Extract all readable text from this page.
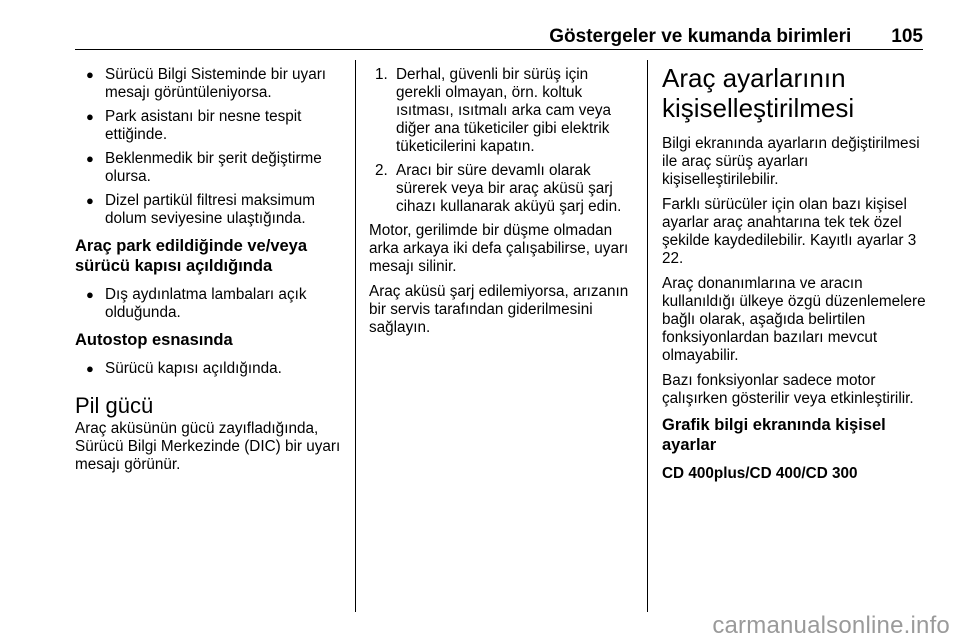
Göstergeler ve kumanda birimleri 105
● Sürücü Bilgi Sisteminde bir uyarı mesajı görüntüleniyorsa.
● Park asistanı bir nesne tespit ettiğinde.
● Beklenmedik bir şerit değiştirme olursa.
● Dizel partikül filtresi maksimum dolum seviyesine ulaştığında.
Araç park edildiğinde ve/veya sürücü kapısı açıldığında
● Dış aydınlatma lambaları açık olduğunda.
Autostop esnasında
● Sürücü kapısı açıldığında.
Pil gücü

Araç aküsünün gücü zayıfladığında, Sürücü Bilgi Merkezinde (DIC) bir uyarı mesajı görünür.

1. Derhal, güvenli bir sürüş için gerekli olmayan, örn. koltuk ısıtması, ısıtmalı arka cam veya diğer ana tüketiciler gibi elektrik tüketicilerini kapatın.
2. Aracı bir süre devamlı olarak sürerek veya bir araç aküsü şarj cihazı kullanarak aküyü şarj edin.

Motor, gerilimde bir düşme olmadan arka arkaya iki defa çalışabilirse, uyarı mesajı silinir.

Araç aküsü şarj edilemiyorsa, arızanın bir servis tarafından giderilmesini sağlayın.

Araç ayarlarının kişiselleştirilmesi

Bilgi ekranında ayarların değiştirilmesi ile araç sürüş ayarları kişiselleştirilebilir.

Farklı sürücüler için olan bazı kişisel ayarlar araç anahtarına tek tek özel şekilde kaydedilebilir. Kayıtlı ayarlar 3 22.

Araç donanımlarına ve aracın kullanıldığı ülkeye özgü düzenlemelere bağlı olarak, aşağıda belirtilen fonksiyonlardan bazıları mevcut olmayabilir.

Bazı fonksiyonlar sadece motor çalışırken gösterilir veya etkinleştirilir.

Grafik bilgi ekranında kişisel ayarlar
CD 400plus/CD 400/CD 300
carmanualsonline.info
